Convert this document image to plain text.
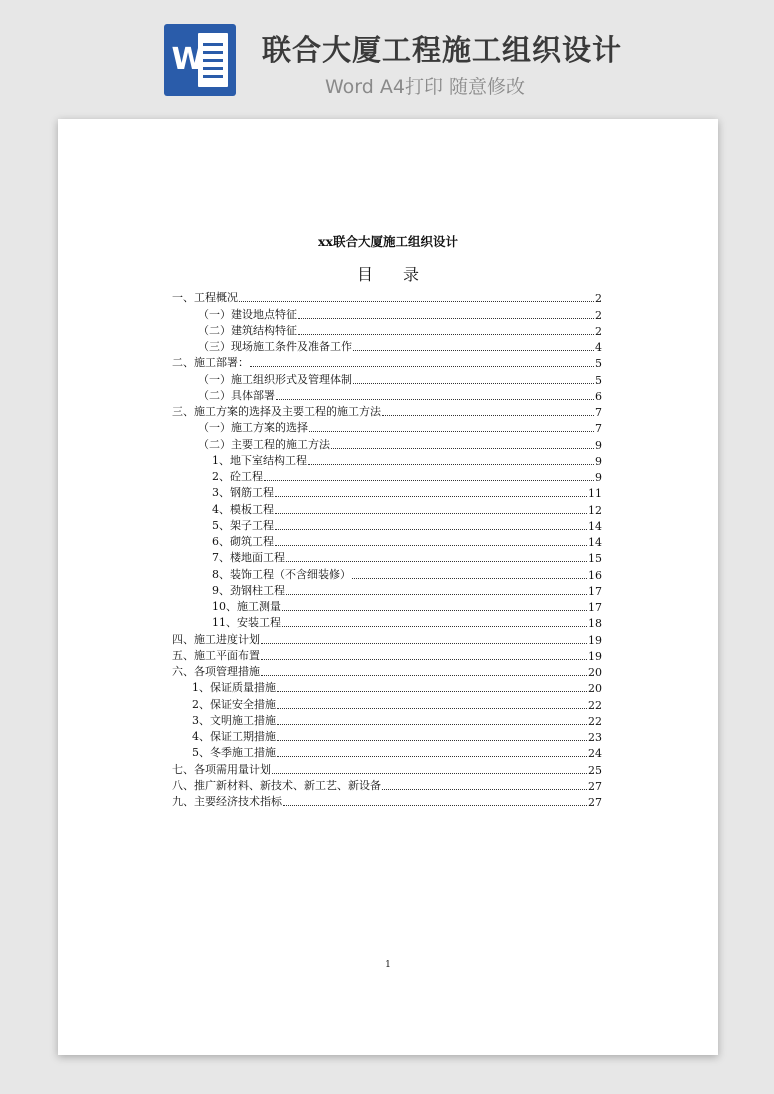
W 联合大厦工程施工组织设计
Word A4打印 随意修改
xx联合大厦施工组织设计
目录
一、工程概况	2
（一）建设地点特征	2
（二）建筑结构特征	2
（三）现场施工条件及准备工作	4
二、施工部署：	5
（一）施工组织形式及管理体制	5
（二）具体部署	6
三、施工方案的选择及主要工程的施工方法	7
（一）施工方案的选择	7
（二）主要工程的施工方法	9
1、地下室结构工程	9
2、砼工程	9
3、钢筋工程	11
4、模板工程	12
5、架子工程	14
6、砌筑工程	14
7、楼地面工程	15
8、装饰工程（不含细装修）	16
9、劲钢柱工程	17
10、施工测量	17
11、安装工程	18
四、施工进度计划	19
五、施工平面布置	19
六、各项管理措施	20
1、保证质量措施	20
2、保证安全措施	22
3、文明施工措施	22
4、保证工期措施	23
5、冬季施工措施	24
七、各项需用量计划	25
八、推广新材料、新技术、新工艺、新设备	27
九、主要经济技术指标	27
1
